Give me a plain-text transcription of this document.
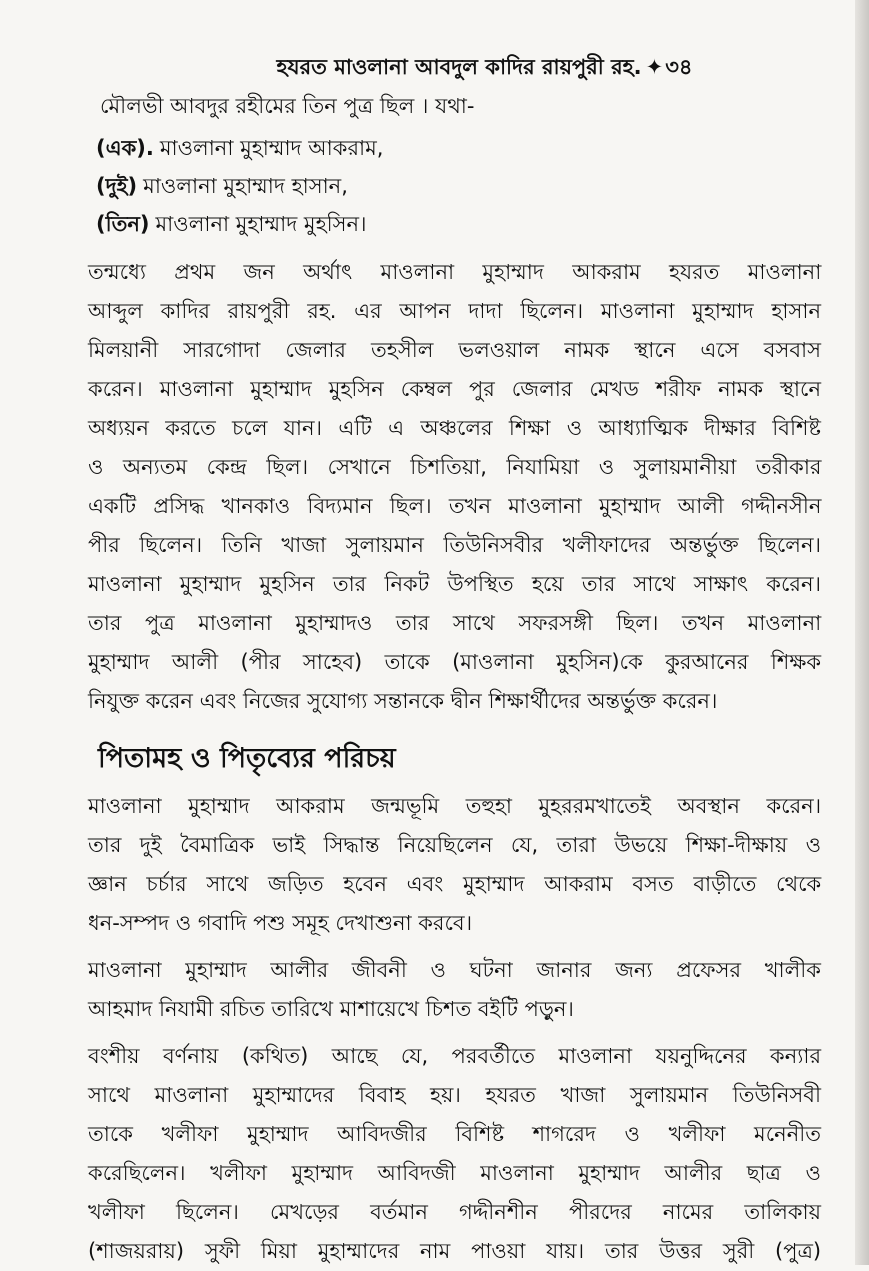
হযরত মাওলানা আবদুল কাদির রায়পুরী রহ. ✦৩৪
মৌলভী আবদুর রহীমের তিন পুত্র ছিল । যথা-
(এক). মাওলানা মুহাম্মাদ আকরাম,
(দুই) মাওলানা মুহাম্মাদ হাসান,
(তিন) মাওলানা মুহাম্মাদ মুহসিন।
তন্মধ্যে প্রথম জন অর্থাৎ মাওলানা মুহাম্মাদ আকরাম হযরত মাওলানা
আব্দুল কাদির রায়পুরী রহ. এর আপন দাদা ছিলেন। মাওলানা মুহাম্মাদ হাসান
মিলয়ানী সারগোদা জেলার তহসীল ভলওয়াল নামক স্থানে এসে বসবাস
করেন। মাওলানা মুহাম্মাদ মুহসিন কেম্বল পুর জেলার মেখড শরীফ নামক স্থানে
অধ্যয়ন করতে চলে যান। এটি এ অঞ্চলের শিক্ষা ও আধ্যাত্মিক দীক্ষার বিশিষ্ট
ও অন্যতম কেন্দ্র ছিল। সেখানে চিশতিয়া, নিযামিয়া ও সুলায়মানীয়া তরীকার
একটি প্রসিদ্ধ খানকাও বিদ্যমান ছিল। তখন মাওলানা মুহাম্মাদ আলী গদ্দীনসীন
পীর ছিলেন। তিনি খাজা সুলায়মান তিউনিসবীর খলীফাদের অন্তর্ভুক্ত ছিলেন।
মাওলানা মুহাম্মাদ মুহসিন তার নিকট উপস্থিত হয়ে তার সাথে সাক্ষাৎ করেন।
তার পুত্র মাওলানা মুহাম্মাদও তার সাথে সফরসঙ্গী ছিল। তখন মাওলানা
মুহাম্মাদ আলী (পীর সাহেব) তাকে (মাওলানা মুহসিন)কে কুরআনের শিক্ষক
নিযুক্ত করেন এবং নিজের সুযোগ্য সন্তানকে দ্বীন শিক্ষার্থীদের অন্তর্ভুক্ত করেন।
পিতামহ ও পিতৃব্যের পরিচয়
মাওলানা মুহাম্মাদ আকরাম জন্মভূমি তহুহা মুহররমখাতেই অবস্থান করেন।
তার দুই বৈমাত্রিক ভাই সিদ্ধান্ত নিয়েছিলেন যে, তারা উভয়ে শিক্ষা-দীক্ষায় ও
জ্ঞান চর্চার সাথে জড়িত হবেন এবং মুহাম্মাদ আকরাম বসত বাড়ীতে থেকে
ধন-সম্পদ ও গবাদি পশু সমূহ দেখাশুনা করবে।
মাওলানা মুহাম্মাদ আলীর জীবনী ও ঘটনা জানার জন্য প্রফেসর খালীক
আহমাদ নিযামী রচিত তারিখে মাশায়েখে চিশত বইটি পড়ুন।
বংশীয় বর্ণনায় (কথিত) আছে যে, পরবর্তীতে মাওলানা যয়নুদ্দিনের কন্যার
সাথে মাওলানা মুহাম্মাদের বিবাহ হয়। হযরত খাজা সুলায়মান তিউনিসবী
তাকে খলীফা মুহাম্মাদ আবিদজীর বিশিষ্ট শাগরেদ ও খলীফা মনেনীত
করেছিলেন। খলীফা মুহাম্মাদ আবিদজী মাওলানা মুহাম্মাদ আলীর ছাত্র ও
খলীফা ছিলেন। মেখড়ের বর্তমান গদ্দীনশীন পীরদের নামের তালিকায়
(শাজয়রায়) সুফী মিয়া মুহাম্মাদের নাম পাওয়া যায়। তার উত্তর সুরী (পুত্র)
